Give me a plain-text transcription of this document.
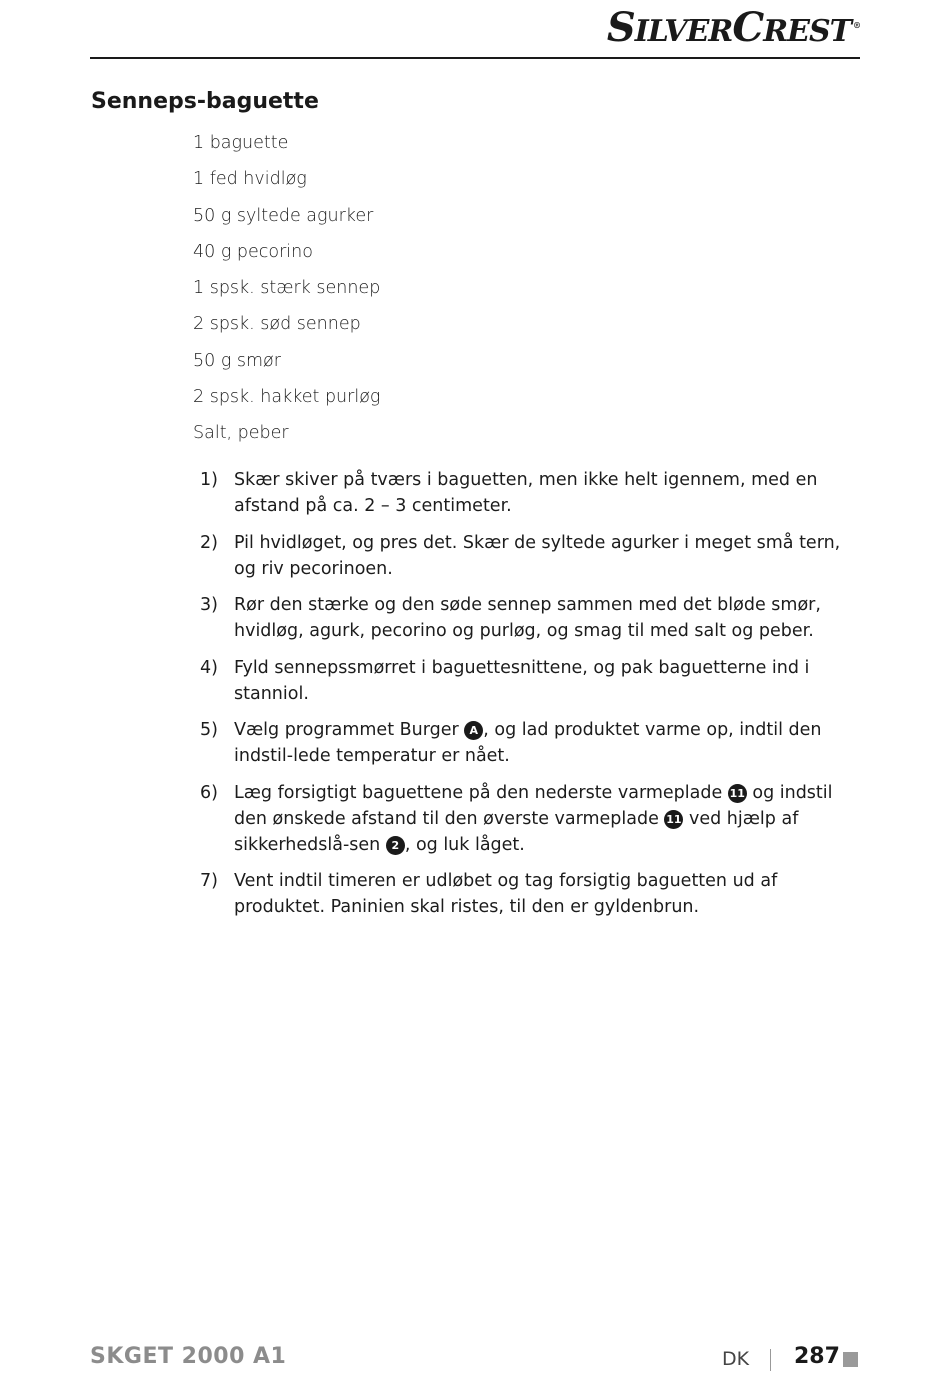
SILVERCREST ®
Senneps-baguette
1 baguette
1 fed hvidløg
50 g syltede agurker
40 g pecorino
1 spsk. stærk sennep
2 spsk. sød sennep
50 g smør
2 spsk. hakket purløg
Salt, peber
1) Skær skiver på tværs i baguetten, men ikke helt igennem, med en afstand på ca. 2 – 3 centimeter.
2) Pil hvidløget, og pres det. Skær de syltede agurker i meget små tern, og riv pecorinoen.
3) Rør den stærke og den søde sennep sammen med det bløde smør, hvidløg, agurk, pecorino og purløg, og smag til med salt og peber.
4) Fyld sennepssmørret i baguettesnittene, og pak baguetterne ind i stanniol.
5) Vælg programmet Burger A , og lad produktet varme op, indtil den indstil-lede temperatur er nået.
6) Læg forsigtigt baguettene på den nederste varmeplade 11 og indstil den ønskede afstand til den øverste varmeplade 11 ved hjælp af sikkerhedslå-sen 2 , og luk låget.
7) Vent indtil timeren er udløbet og tag forsigtig baguetten ud af produktet. Paninien skal ristes, til den er gyldenbrun.
SKGET 2000 A1	DK 287
